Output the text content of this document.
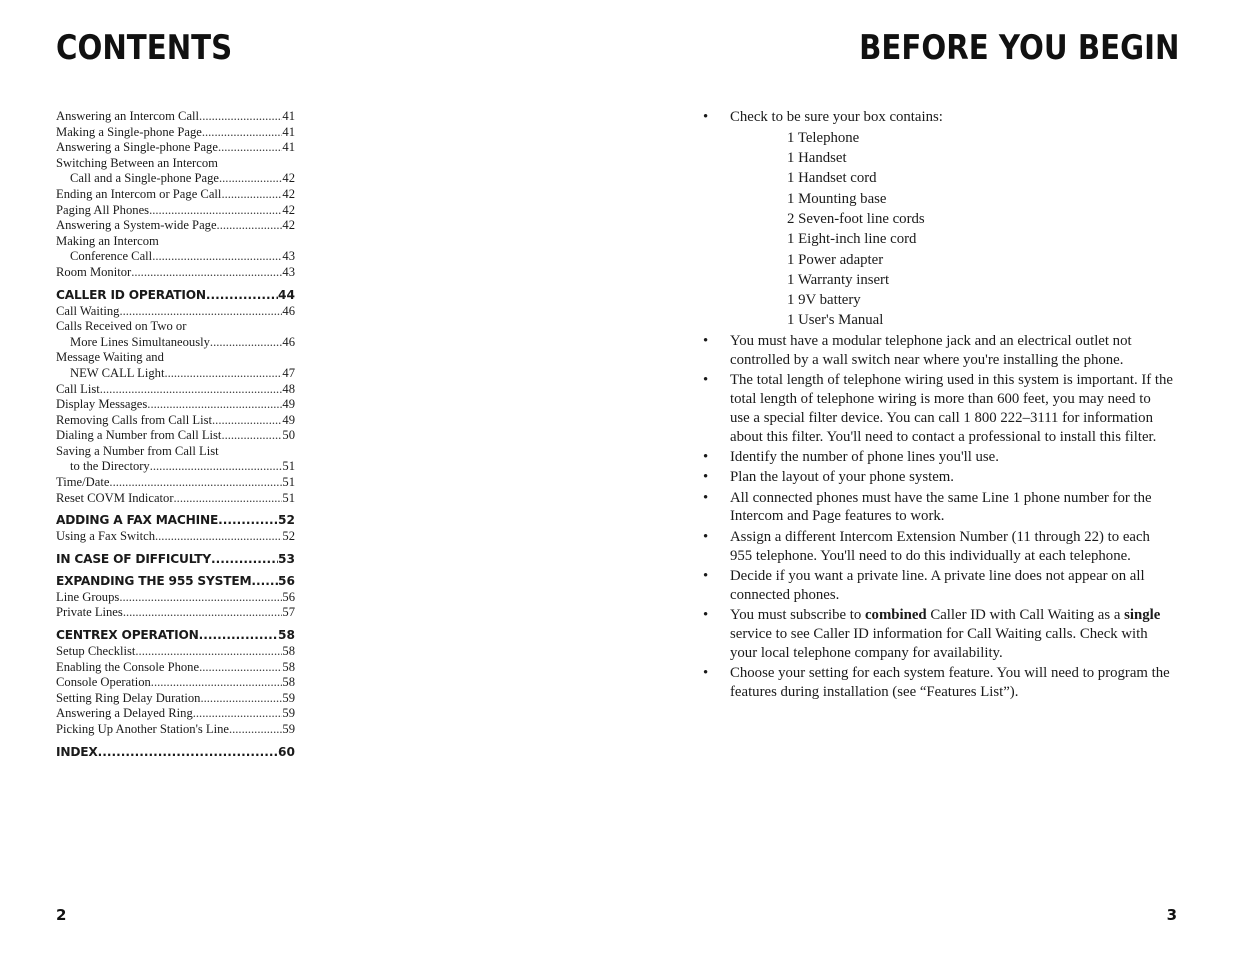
CONTENTS	BEFORE YOU BEGIN
Answering an Intercom Call .....	41
Making a Single-phone Page .....	41
Answering a Single-phone Page .....	41
Switching Between an Intercom
Call and a Single-phone Page .....	42
Ending an Intercom or Page Call .....	42
Paging All Phones .....	42
Answering a System-wide Page .....	42
Making an Intercom
Conference Call .....	43
Room Monitor .....	43
CALLER ID OPERATION .....	44
Call Waiting .....	46
Calls Received on Two or
More Lines Simultaneously .....	46
Message Waiting and
NEW CALL Light .....	47
Call List .....	48
Display Messages .....	49
Removing Calls from Call List .....	49
Dialing a Number from Call List .....	50
Saving a Number from Call List
to the Directory .....	51
Time/Date .....	51
Reset COVM Indicator .....	51
ADDING A FAX MACHINE .....	52
Using a Fax Switch .....	52
IN CASE OF DIFFICULTY .....	53
EXPANDING THE 955 SYSTEM ..... 56
Line Groups .....	56
Private Lines .....	57
CENTREX OPERATION .....	58
Setup Checklist .....	58
Enabling the Console Phone .....	58
Console Operation .....	58
Setting Ring Delay Duration .....	59
Answering a Delayed Ring .....	59
Picking Up Another Station's Line .....	59
INDEX .....	60
• Check to be sure your box contains:
1 Telephone
1 Handset
1 Handset cord
1 Mounting base
2 Seven-foot line cords
1 Eight-inch line cord
1 Power adapter
1 Warranty insert
1 9V battery
1 User's Manual
• You must have a modular telephone jack and an electrical outlet not controlled by a wall switch near where you're installing the phone.
• The total length of telephone wiring used in this system is important. If the total length of telephone wiring is more than 600 feet, you may need to use a special filter device. You can call 1 800 222–3111 for information about this filter. You'll need to contact a professional to install this filter.
• Identify the number of phone lines you'll use.
• Plan the layout of your phone system.
• All connected phones must have the same Line 1 phone number for the Intercom and Page features to work.
• Assign a different Intercom Extension Number (11 through 22) to each 955 telephone. You'll need to do this individually at each telephone.
• Decide if you want a private line. A private line does not appear on all connected phones.
• You must subscribe to combined Caller ID with Call Waiting as a single service to see Caller ID information for Call Waiting calls. Check with your local telephone company for availability.
• Choose your setting for each system feature. You will need to program the features during installation (see “Features List”).
2	3
